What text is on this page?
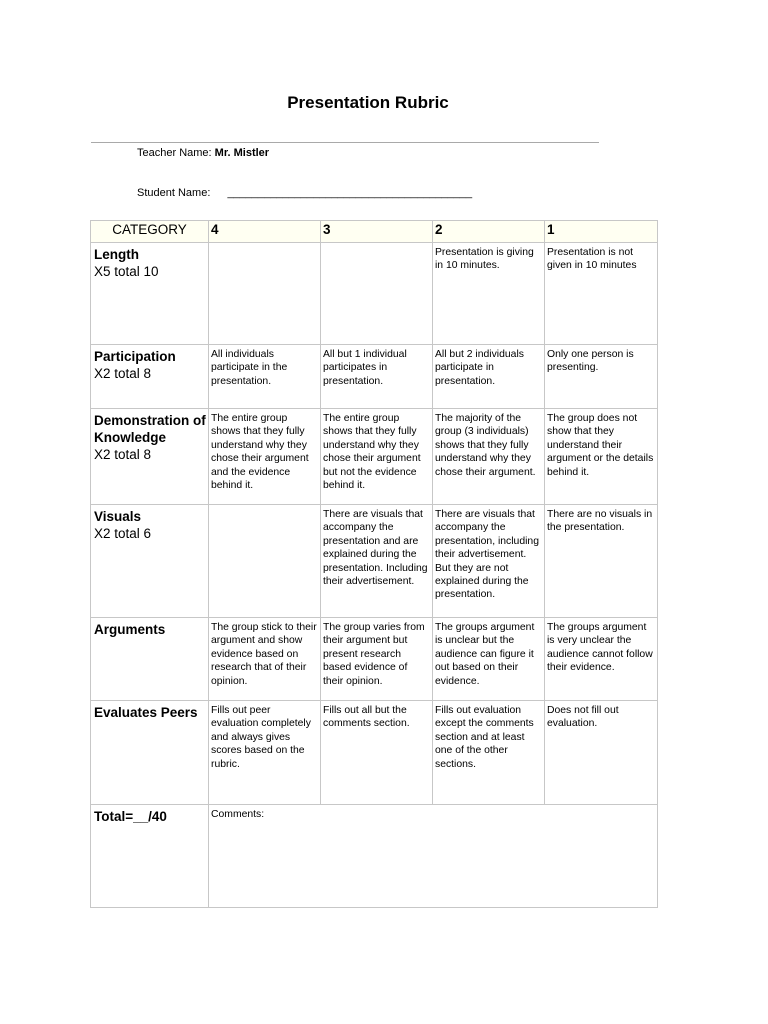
Presentation Rubric
Teacher Name: Mr. Mistler
Student Name: ________________________________________
CATEGORY	4	3	2	1

Length
X5 total 10			Presentation is giving in 10 minutes.	Presentation is not given in 10 minutes

Participation
X2 total 8	All individuals participate in the presentation.	All but 1 individual participates in presentation.	All but 2 individuals participate in presentation.	Only one person is presenting.

Demonstration of Knowledge
X2 total 8	The entire group shows that they fully understand why they chose their argument and the evidence behind it.	The entire group shows that they fully understand why they chose their argument but not the evidence behind it.	The majority of the group (3 individuals) shows that they fully understand why they chose their argument.	The group does not show that they understand their argument or the details behind it.

Visuals
X2 total 6		There are visuals that accompany the presentation and are explained during the presentation. Including their advertisement.	There are visuals that accompany the presentation, including their advertisement. But they are not explained during the presentation.	There are no visuals in the presentation.

Arguments	The group stick to their argument and show evidence based on research that of their opinion.	The group varies from their argument but present research based evidence of their opinion.	The groups argument is unclear but the audience can figure it out based on their evidence.	The groups argument is very unclear the audience cannot follow their evidence.

Evaluates Peers	Fills out peer evaluation completely and always gives scores based on the rubric.	Fills out all but the comments section.	Fills out evaluation except the comments section and at least one of the other sections.	Does not fill out evaluation.

Total=__/40	Comments:			
